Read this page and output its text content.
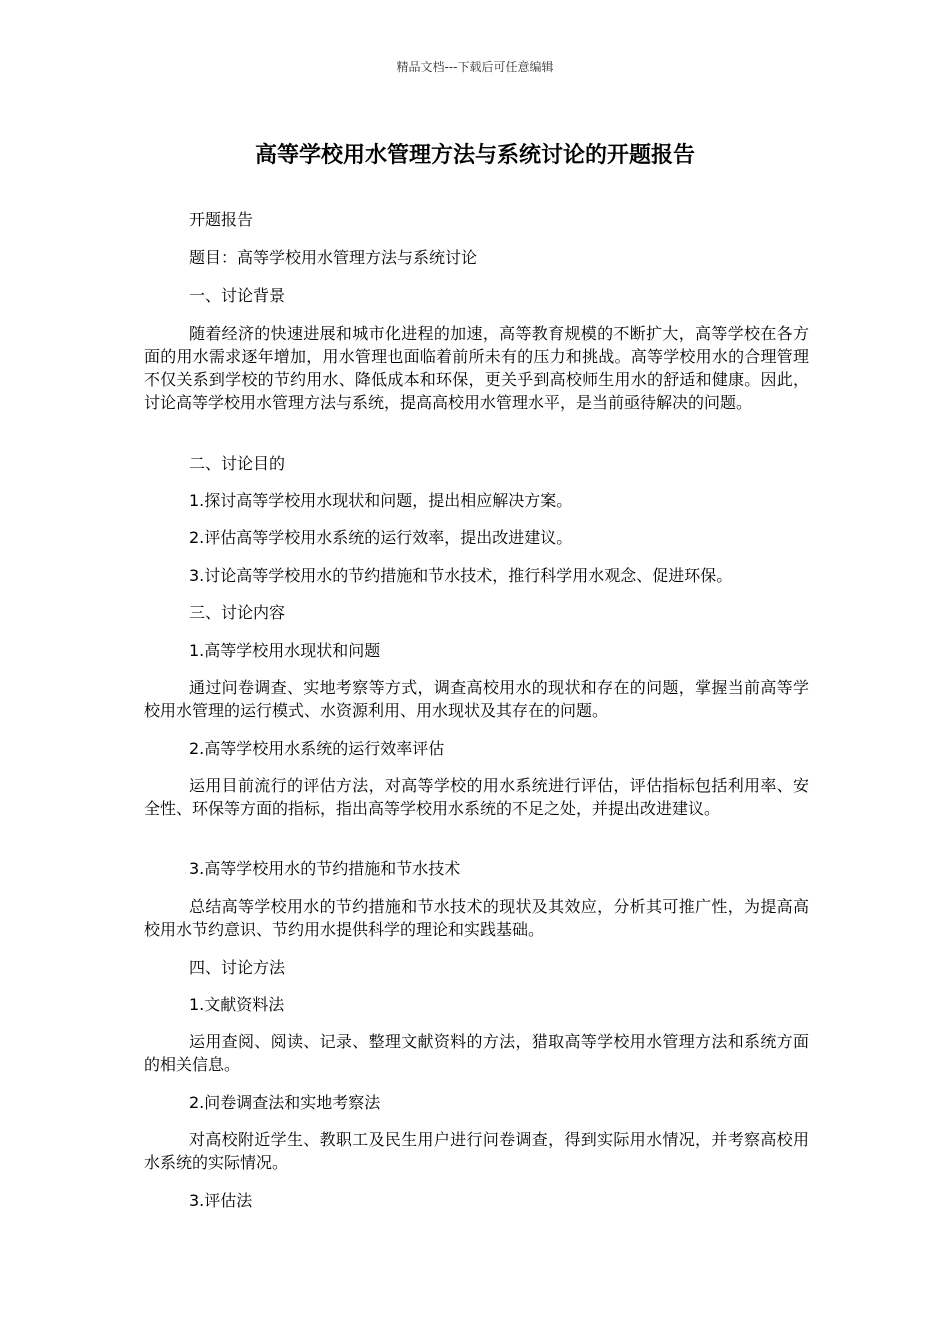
精品文档---下载后可任意编辑
高等学校用水管理方法与系统讨论的开题报告
开题报告
题目：高等学校用水管理方法与系统讨论
一、讨论背景
随着经济的快速进展和城市化进程的加速，高等教育规模的不断扩大，高等学校在各方面的用水需求逐年增加，用水管理也面临着前所未有的压力和挑战。高等学校用水的合理管理不仅关系到学校的节约用水、降低成本和环保，更关乎到高校师生用水的舒适和健康。因此，讨论高等学校用水管理方法与系统，提高高校用水管理水平，是当前亟待解决的问题。
二、讨论目的
1.探讨高等学校用水现状和问题，提出相应解决方案。
2.评估高等学校用水系统的运行效率，提出改进建议。
3.讨论高等学校用水的节约措施和节水技术，推行科学用水观念、促进环保。
三、讨论内容
1.高等学校用水现状和问题
通过问卷调查、实地考察等方式，调查高校用水的现状和存在的问题，掌握当前高等学校用水管理的运行模式、水资源利用、用水现状及其存在的问题。
2.高等学校用水系统的运行效率评估
运用目前流行的评估方法，对高等学校的用水系统进行评估，评估指标包括利用率、安全性、环保等方面的指标，指出高等学校用水系统的不足之处，并提出改进建议。
3.高等学校用水的节约措施和节水技术
总结高等学校用水的节约措施和节水技术的现状及其效应，分析其可推广性，为提高高校用水节约意识、节约用水提供科学的理论和实践基础。
四、讨论方法
1.文献资料法
运用查阅、阅读、记录、整理文献资料的方法，猎取高等学校用水管理方法和系统方面的相关信息。
2.问卷调查法和实地考察法
对高校附近学生、教职工及民生用户进行问卷调查，得到实际用水情况，并考察高校用水系统的实际情况。
3.评估法
